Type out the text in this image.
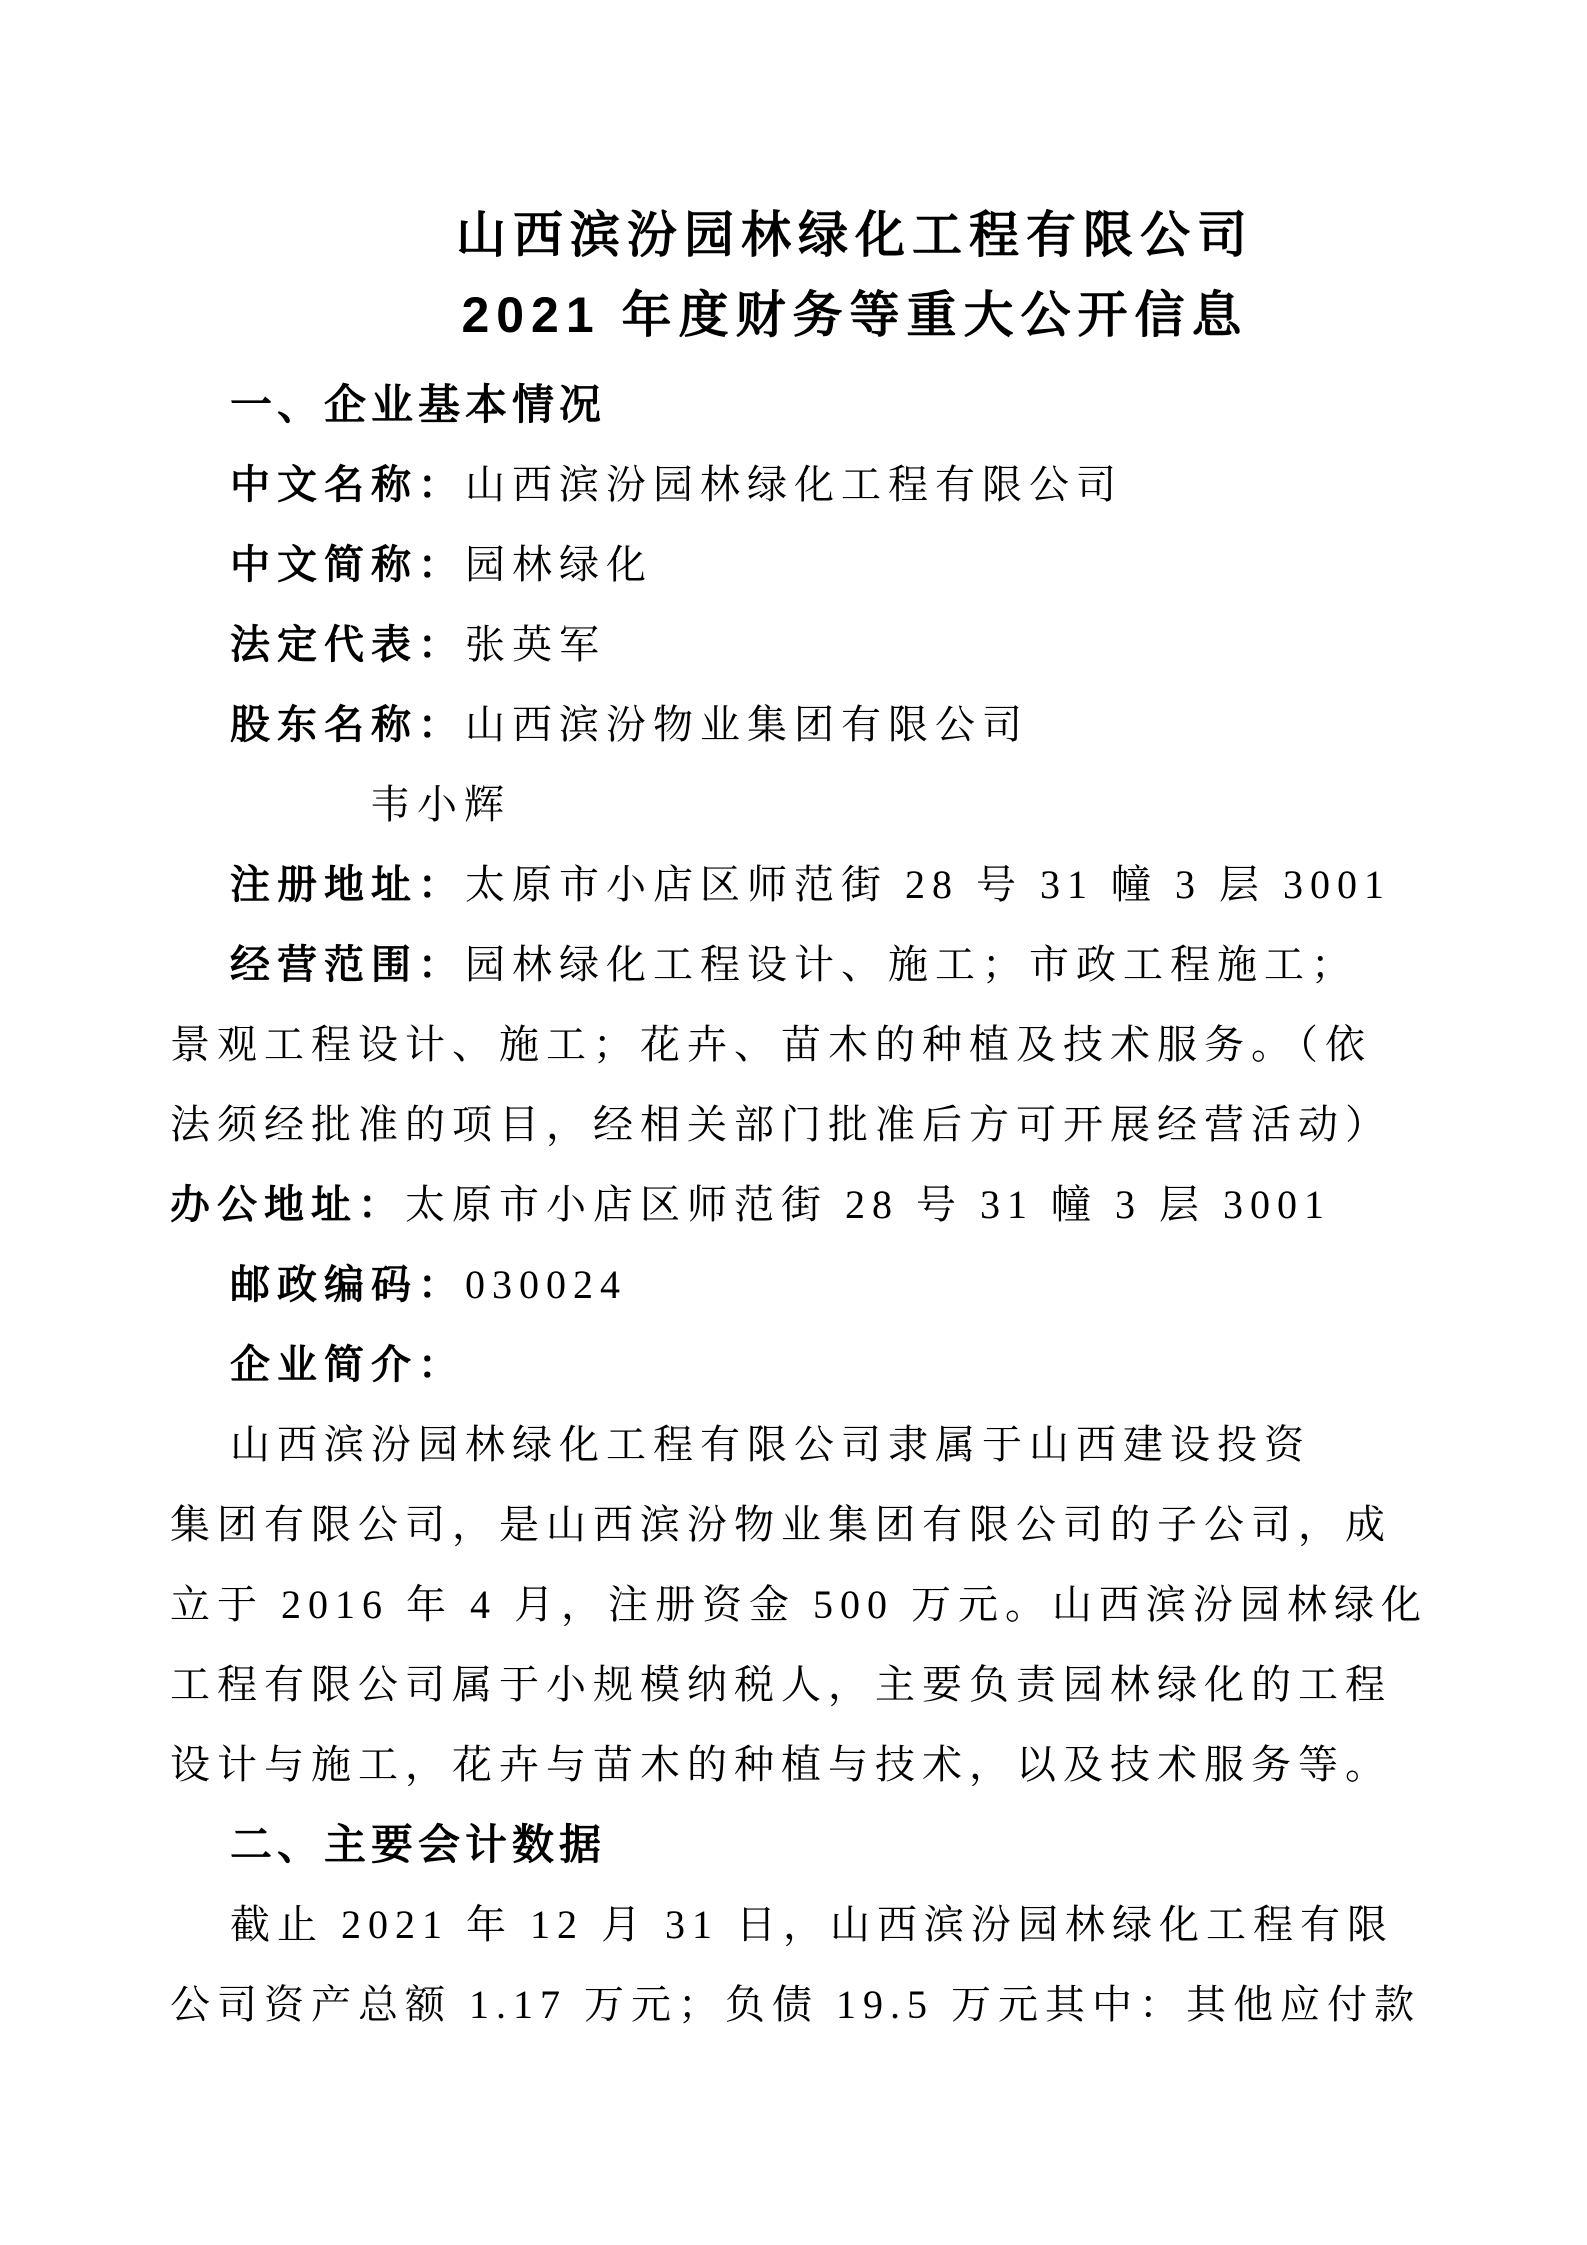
山西滨汾园林绿化工程有限公司
2021 年度财务等重大公开信息
一、企业基本情况
中文名称：山西滨汾园林绿化工程有限公司
中文简称：园林绿化
法定代表：张英军
股东名称：山西滨汾物业集团有限公司
韦小辉
注册地址：太原市小店区师范街 28 号 31 幢 3 层 3001
经营范围：园林绿化工程设计、施工；市政工程施工；
景观工程设计、施工；花卉、苗木的种植及技术服务。（依
法须经批准的项目，经相关部门批准后方可开展经营活动）
办公地址：太原市小店区师范街 28 号 31 幢 3 层 3001
邮政编码：030024
企业简介：
山西滨汾园林绿化工程有限公司隶属于山西建设投资
集团有限公司，是山西滨汾物业集团有限公司的子公司，成
立于 2016 年 4 月，注册资金 500 万元。山西滨汾园林绿化
工程有限公司属于小规模纳税人，主要负责园林绿化的工程
设计与施工，花卉与苗木的种植与技术，以及技术服务等。
二、主要会计数据
截止 2021 年 12 月 31 日，山西滨汾园林绿化工程有限
公司资产总额 1.17 万元；负债 19.5 万元其中：其他应付款
